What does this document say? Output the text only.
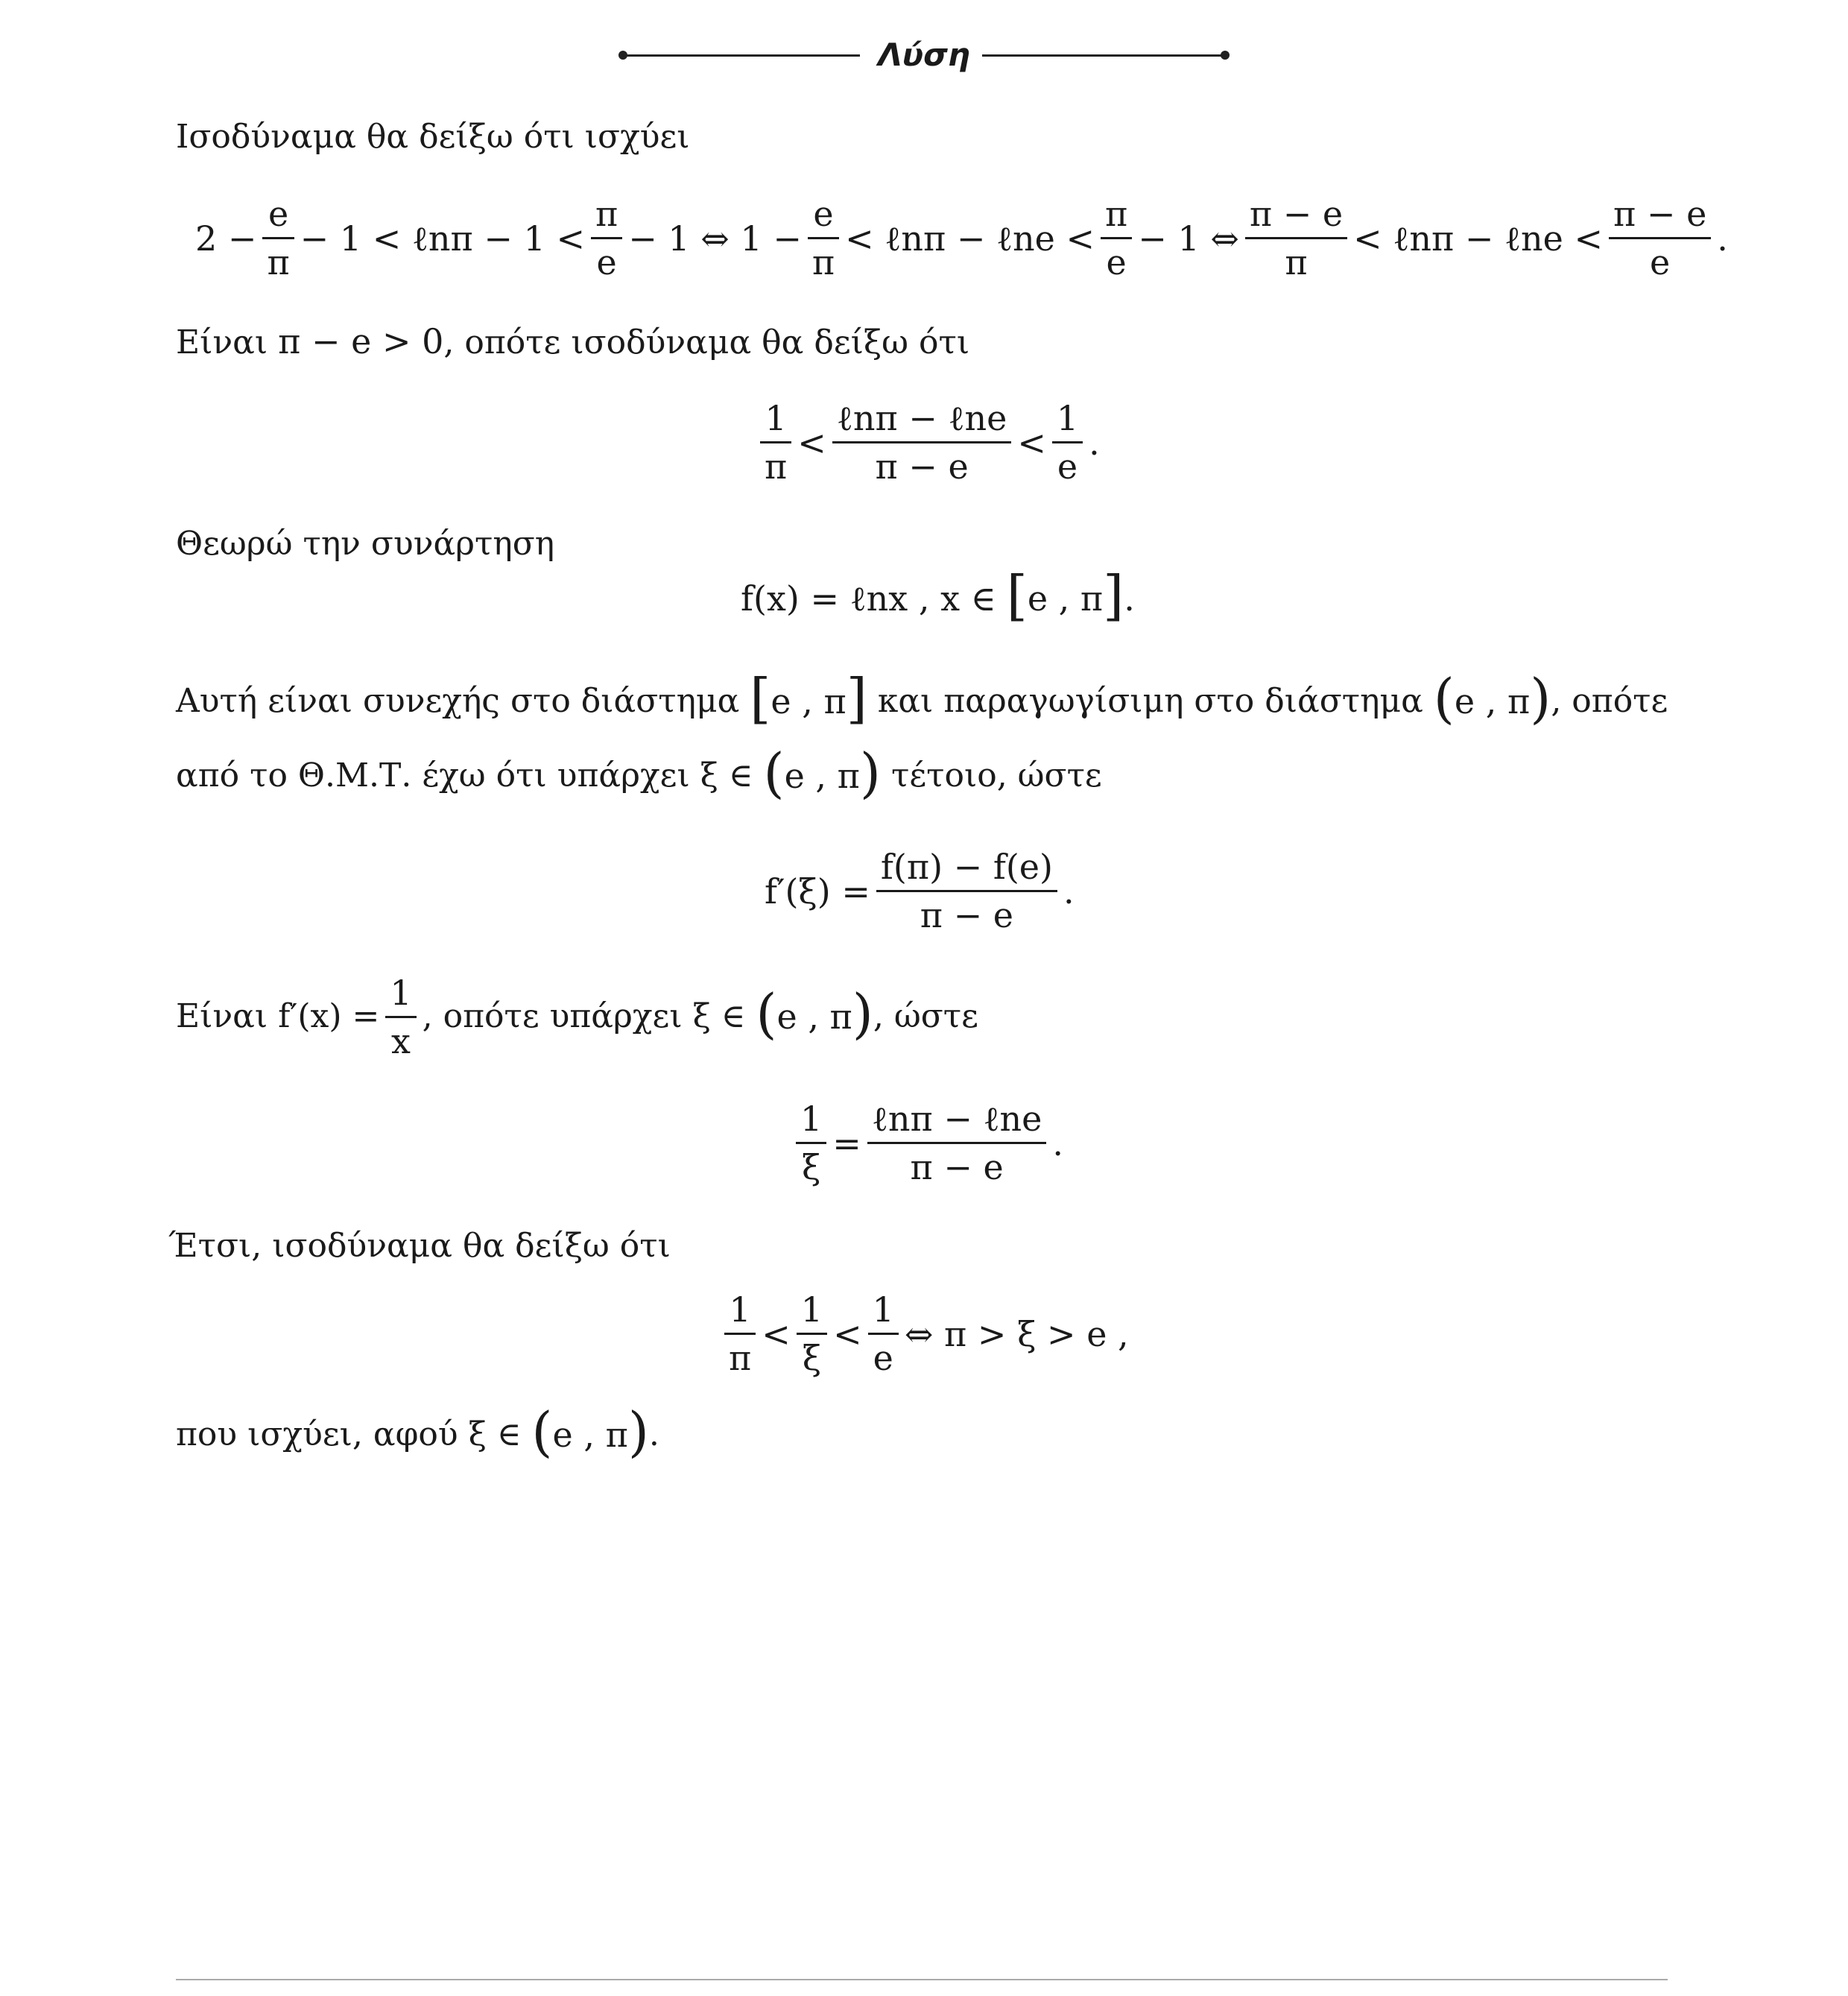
Λύση
Ισοδύναμα θα δείξω ότι ισχύει
$2 - \frac{e}{\pi} - 1$ < ℓnπ − $1 < \frac{\pi}{e} - 1$ ⇔ $1 - \frac{e}{\pi}$ < ℓnπ − ℓne < $\frac{\pi}{e} - 1$ ⇔ $\frac{\pi - e}{\pi}$ < ℓnπ − ℓne < $\frac{\pi - e}{e}$ .
Είναι π − e > 0, οπότε ισοδύναμα θα δείξω ότι
$\frac{1}{\pi} < \frac{\text{ℓnπ − ℓne}}{\pi - e} < \frac{1}{e}$ .
Θεωρώ την συνάρτηση
f(x) = ℓnx , x ∈ [ e , π ] .
Αυτή είναι συνεχής στο διάστημα [ e , π ] και παραγωγίσιμη στο διάστημα ( e , π ) , οπότε
από το Θ.Μ.Τ. έχω ότι υπάρχει ξ ∈ ( e , π ) τέτοιο, ώστε
$f'(\xi) = \frac{f(\pi) - f(e)}{\pi - e}$ .
Είναι $f'(x) = \frac{1}{x}$ , οπότε υπάρχει ξ ∈ ( e , π ) , ώστε
$\frac{1}{\xi} = \frac{\text{ℓnπ − ℓne}}{\pi - e}$ .
Έτσι, ισοδύναμα θα δείξω ότι
$\frac{1}{\pi} < \frac{1}{\xi} < \frac{1}{e}$ ⇔ π > ξ > e ,
που ισχύει, αφού ξ ∈ ( e , π ) .
